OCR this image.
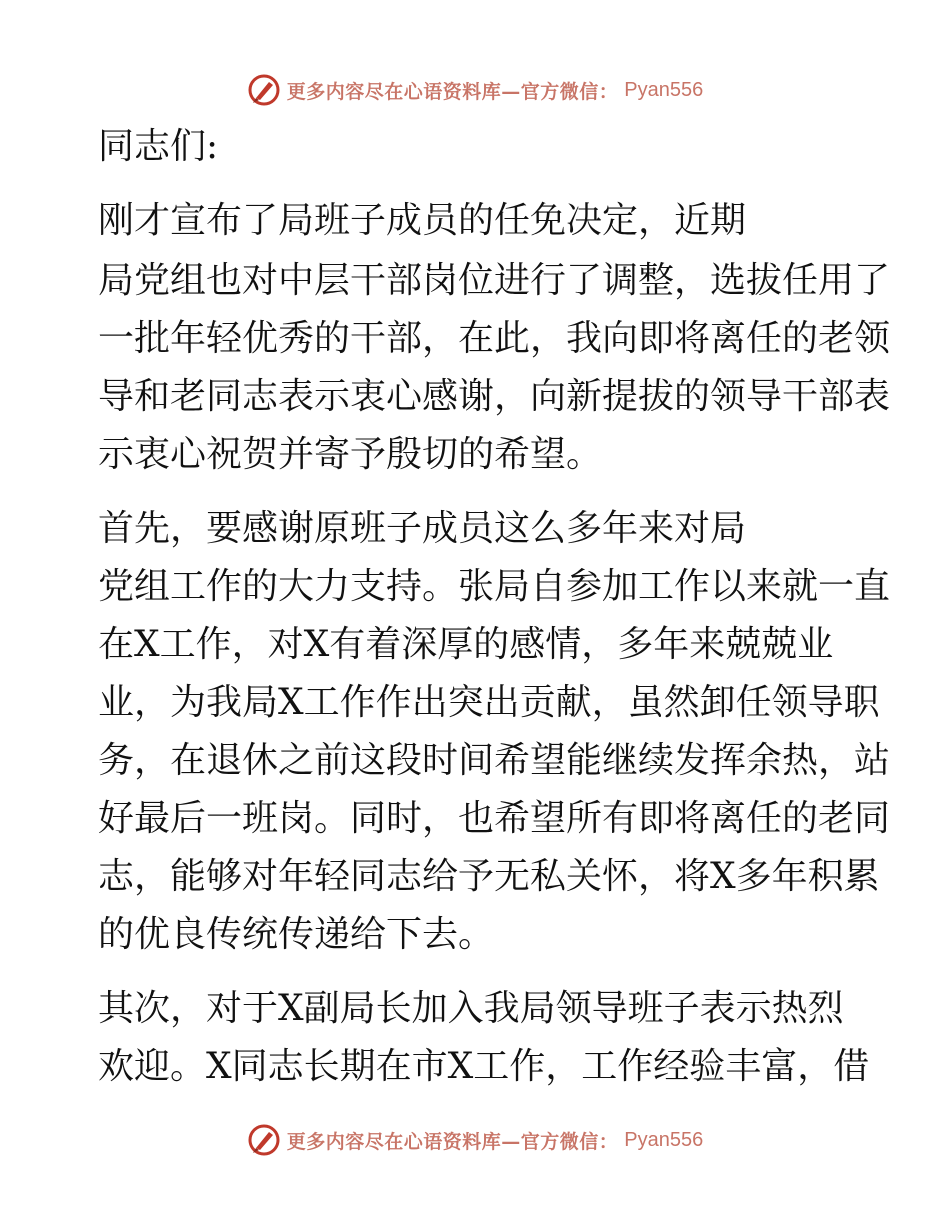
更多内容尽在心语资料库—官方微信： Pyan556
同志们:
刚才宣布了局班子成员的任免决定，近期
局党组也对中层干部岗位进行了调整，选拔任用了
一批年轻优秀的干部，在此，我向即将离任的老领
导和老同志表示衷心感谢，向新提拔的领导干部表
示衷心祝贺并寄予殷切的希望。
首先，要感谢原班子成员这么多年来对局
党组工作的大力支持。张局自参加工作以来就一直
在X工作，对X有着深厚的感情，多年来兢兢业
业，为我局X工作作出突出贡献，虽然卸任领导职
务，在退休之前这段时间希望能继续发挥余热，站
好最后一班岗。同时，也希望所有即将离任的老同
志，能够对年轻同志给予无私关怀，将X多年积累
的优良传统传递给下去。
其次，对于X副局长加入我局领导班子表示热烈
欢迎。X同志长期在市X工作，工作经验丰富，借
更多内容尽在心语资料库—官方微信： Pyan556
